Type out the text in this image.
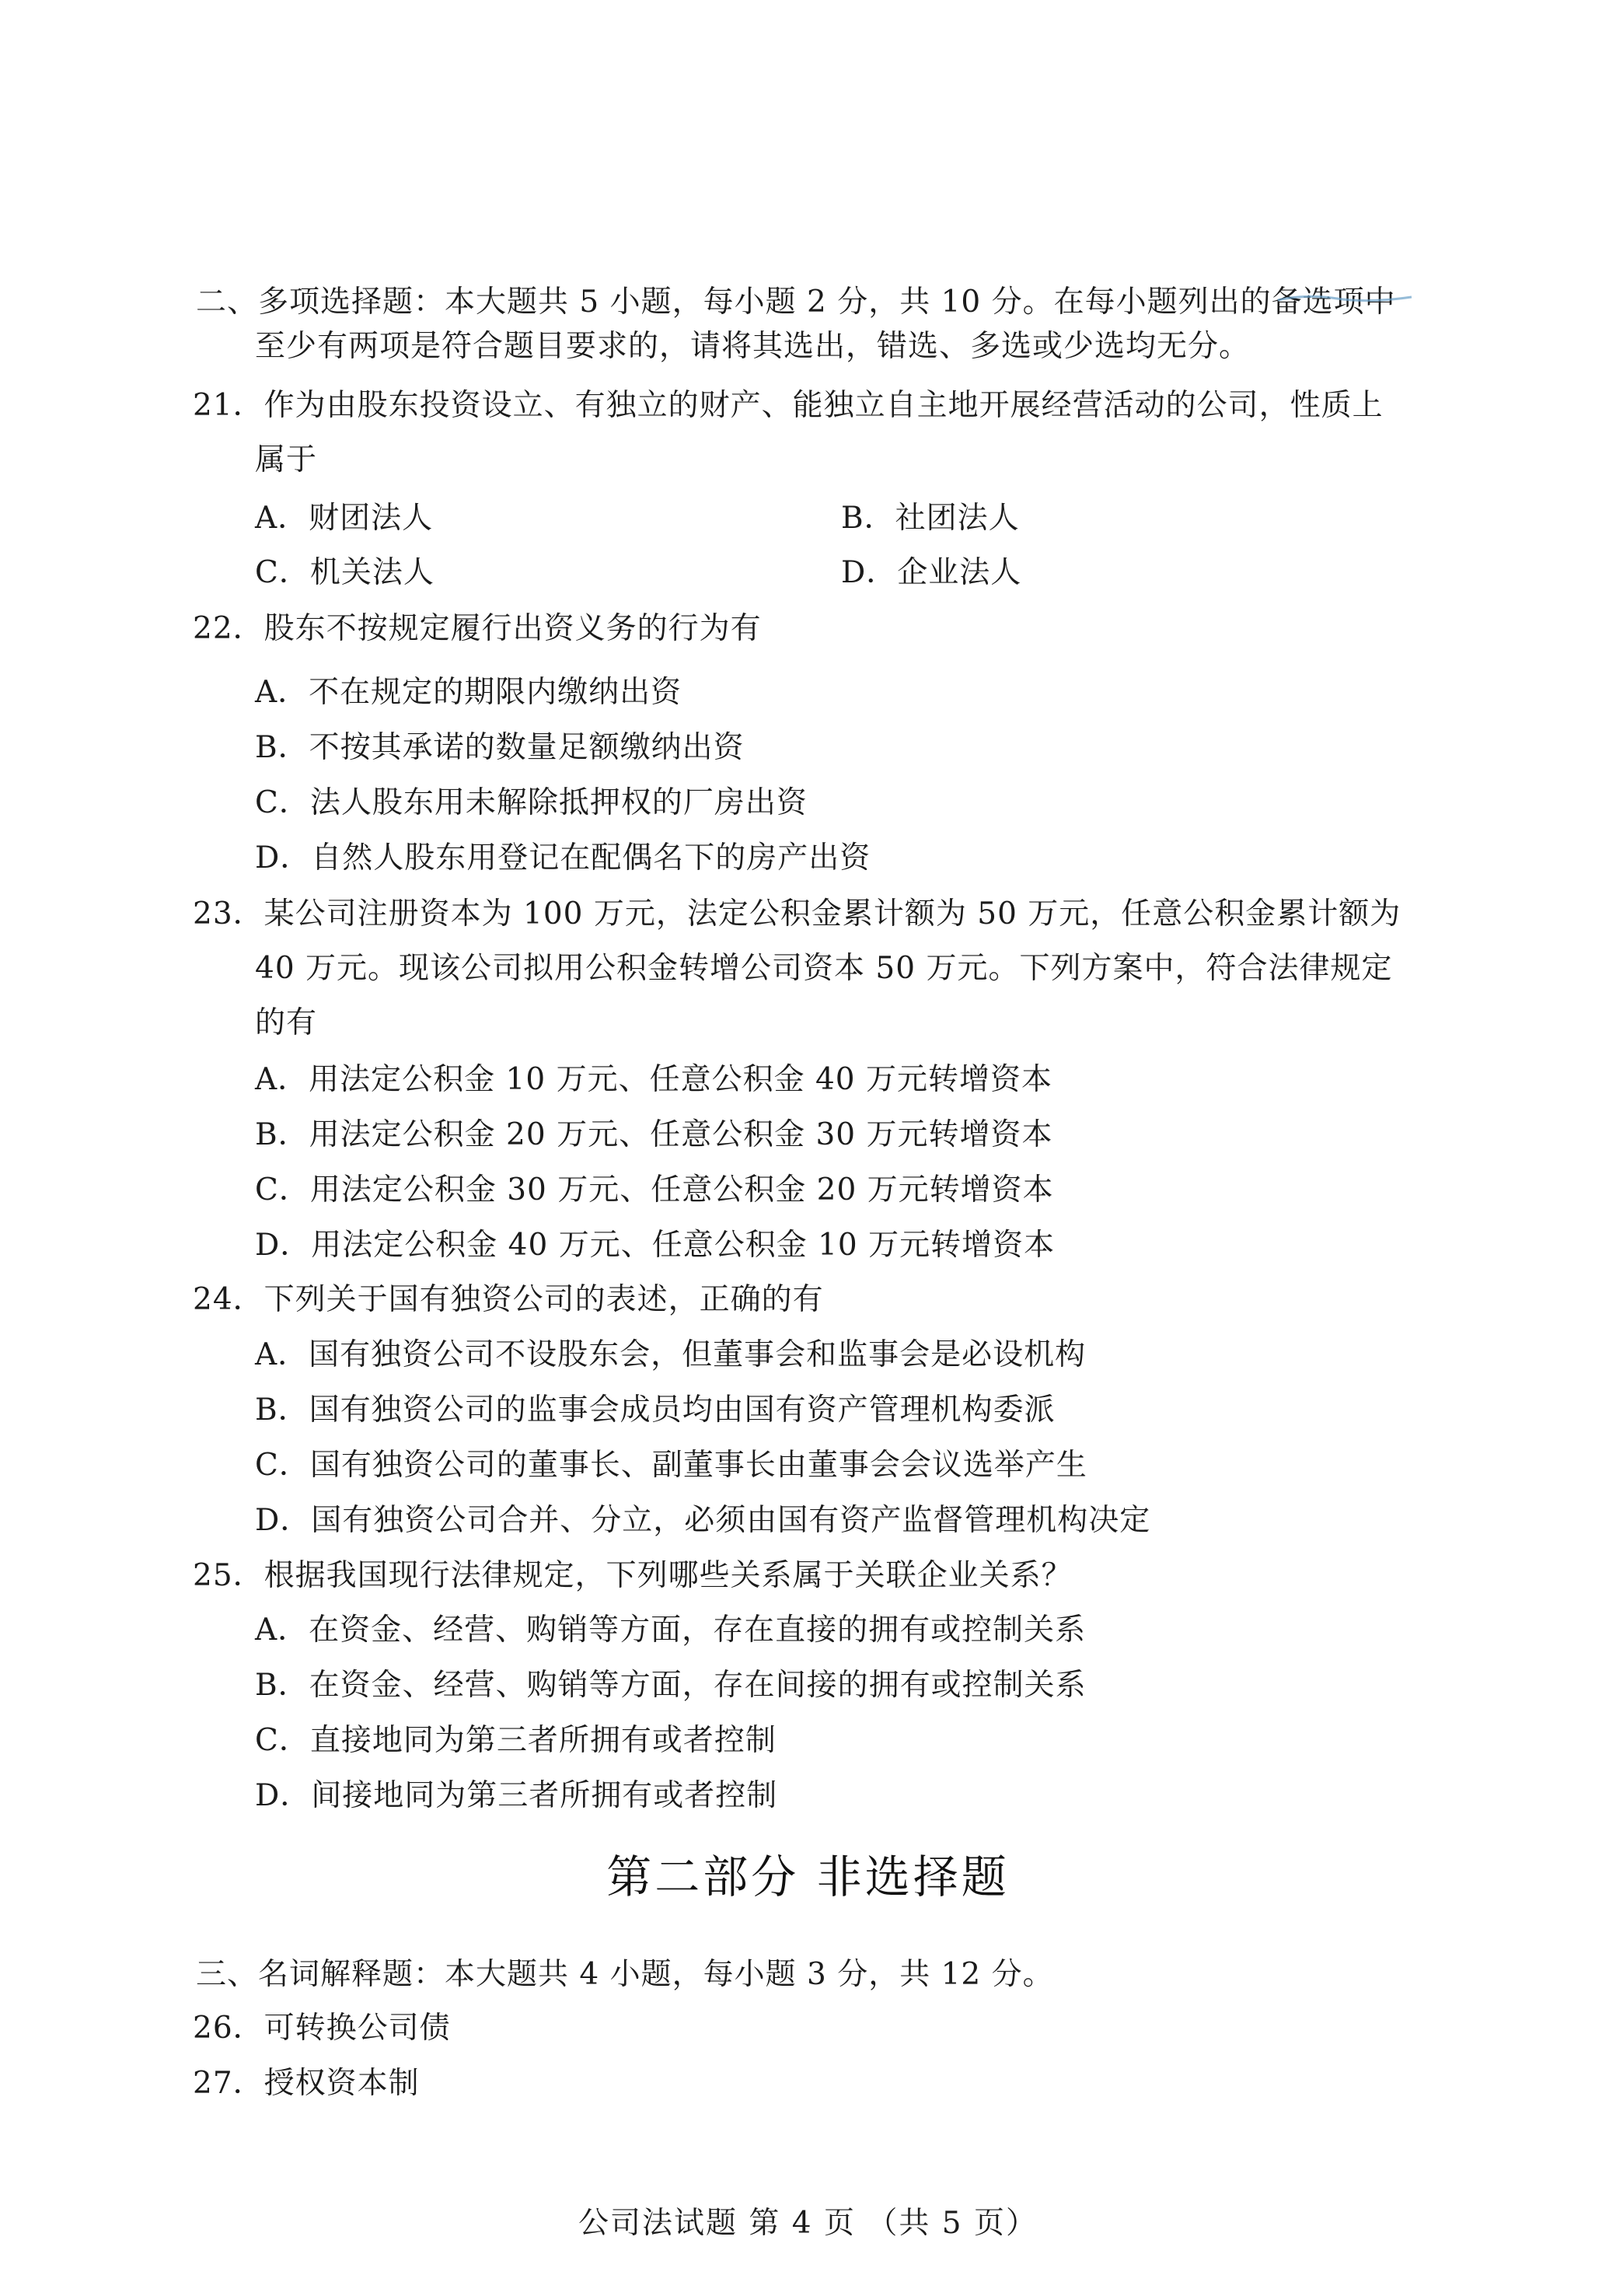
二、多项选择题：本大题共 5 小题，每小题 2 分，共 10 分。在每小题列出的备选项中
至少有两项是符合题目要求的，请将其选出，错选、多选或少选均无分。
21．作为由股东投资设立、有独立的财产、能独立自主地开展经营活动的公司，性质上
属于
A．财团法人	B．社团法人
C．机关法人	D．企业法人
22．股东不按规定履行出资义务的行为有
A．不在规定的期限内缴纳出资
B．不按其承诺的数量足额缴纳出资
C．法人股东用未解除抵押权的厂房出资
D．自然人股东用登记在配偶名下的房产出资
23．某公司注册资本为 100 万元，法定公积金累计额为 50 万元，任意公积金累计额为
40 万元。现该公司拟用公积金转增公司资本 50 万元。下列方案中，符合法律规定
的有
A．用法定公积金 10 万元、任意公积金 40 万元转增资本
B．用法定公积金 20 万元、任意公积金 30 万元转增资本
C．用法定公积金 30 万元、任意公积金 20 万元转增资本
D．用法定公积金 40 万元、任意公积金 10 万元转增资本
24．下列关于国有独资公司的表述，正确的有
A．国有独资公司不设股东会，但董事会和监事会是必设机构
B．国有独资公司的监事会成员均由国有资产管理机构委派
C．国有独资公司的董事长、副董事长由董事会会议选举产生
D．国有独资公司合并、分立，必须由国有资产监督管理机构决定
25．根据我国现行法律规定，下列哪些关系属于关联企业关系？
A．在资金、经营、购销等方面，存在直接的拥有或控制关系
B．在资金、经营、购销等方面，存在间接的拥有或控制关系
C．直接地同为第三者所拥有或者控制
D．间接地同为第三者所拥有或者控制
第二部分 非选择题
三、名词解释题：本大题共 4 小题，每小题 3 分，共 12 分。
26．可转换公司债
27．授权资本制
公司法试题 第 4 页 （共 5 页）
